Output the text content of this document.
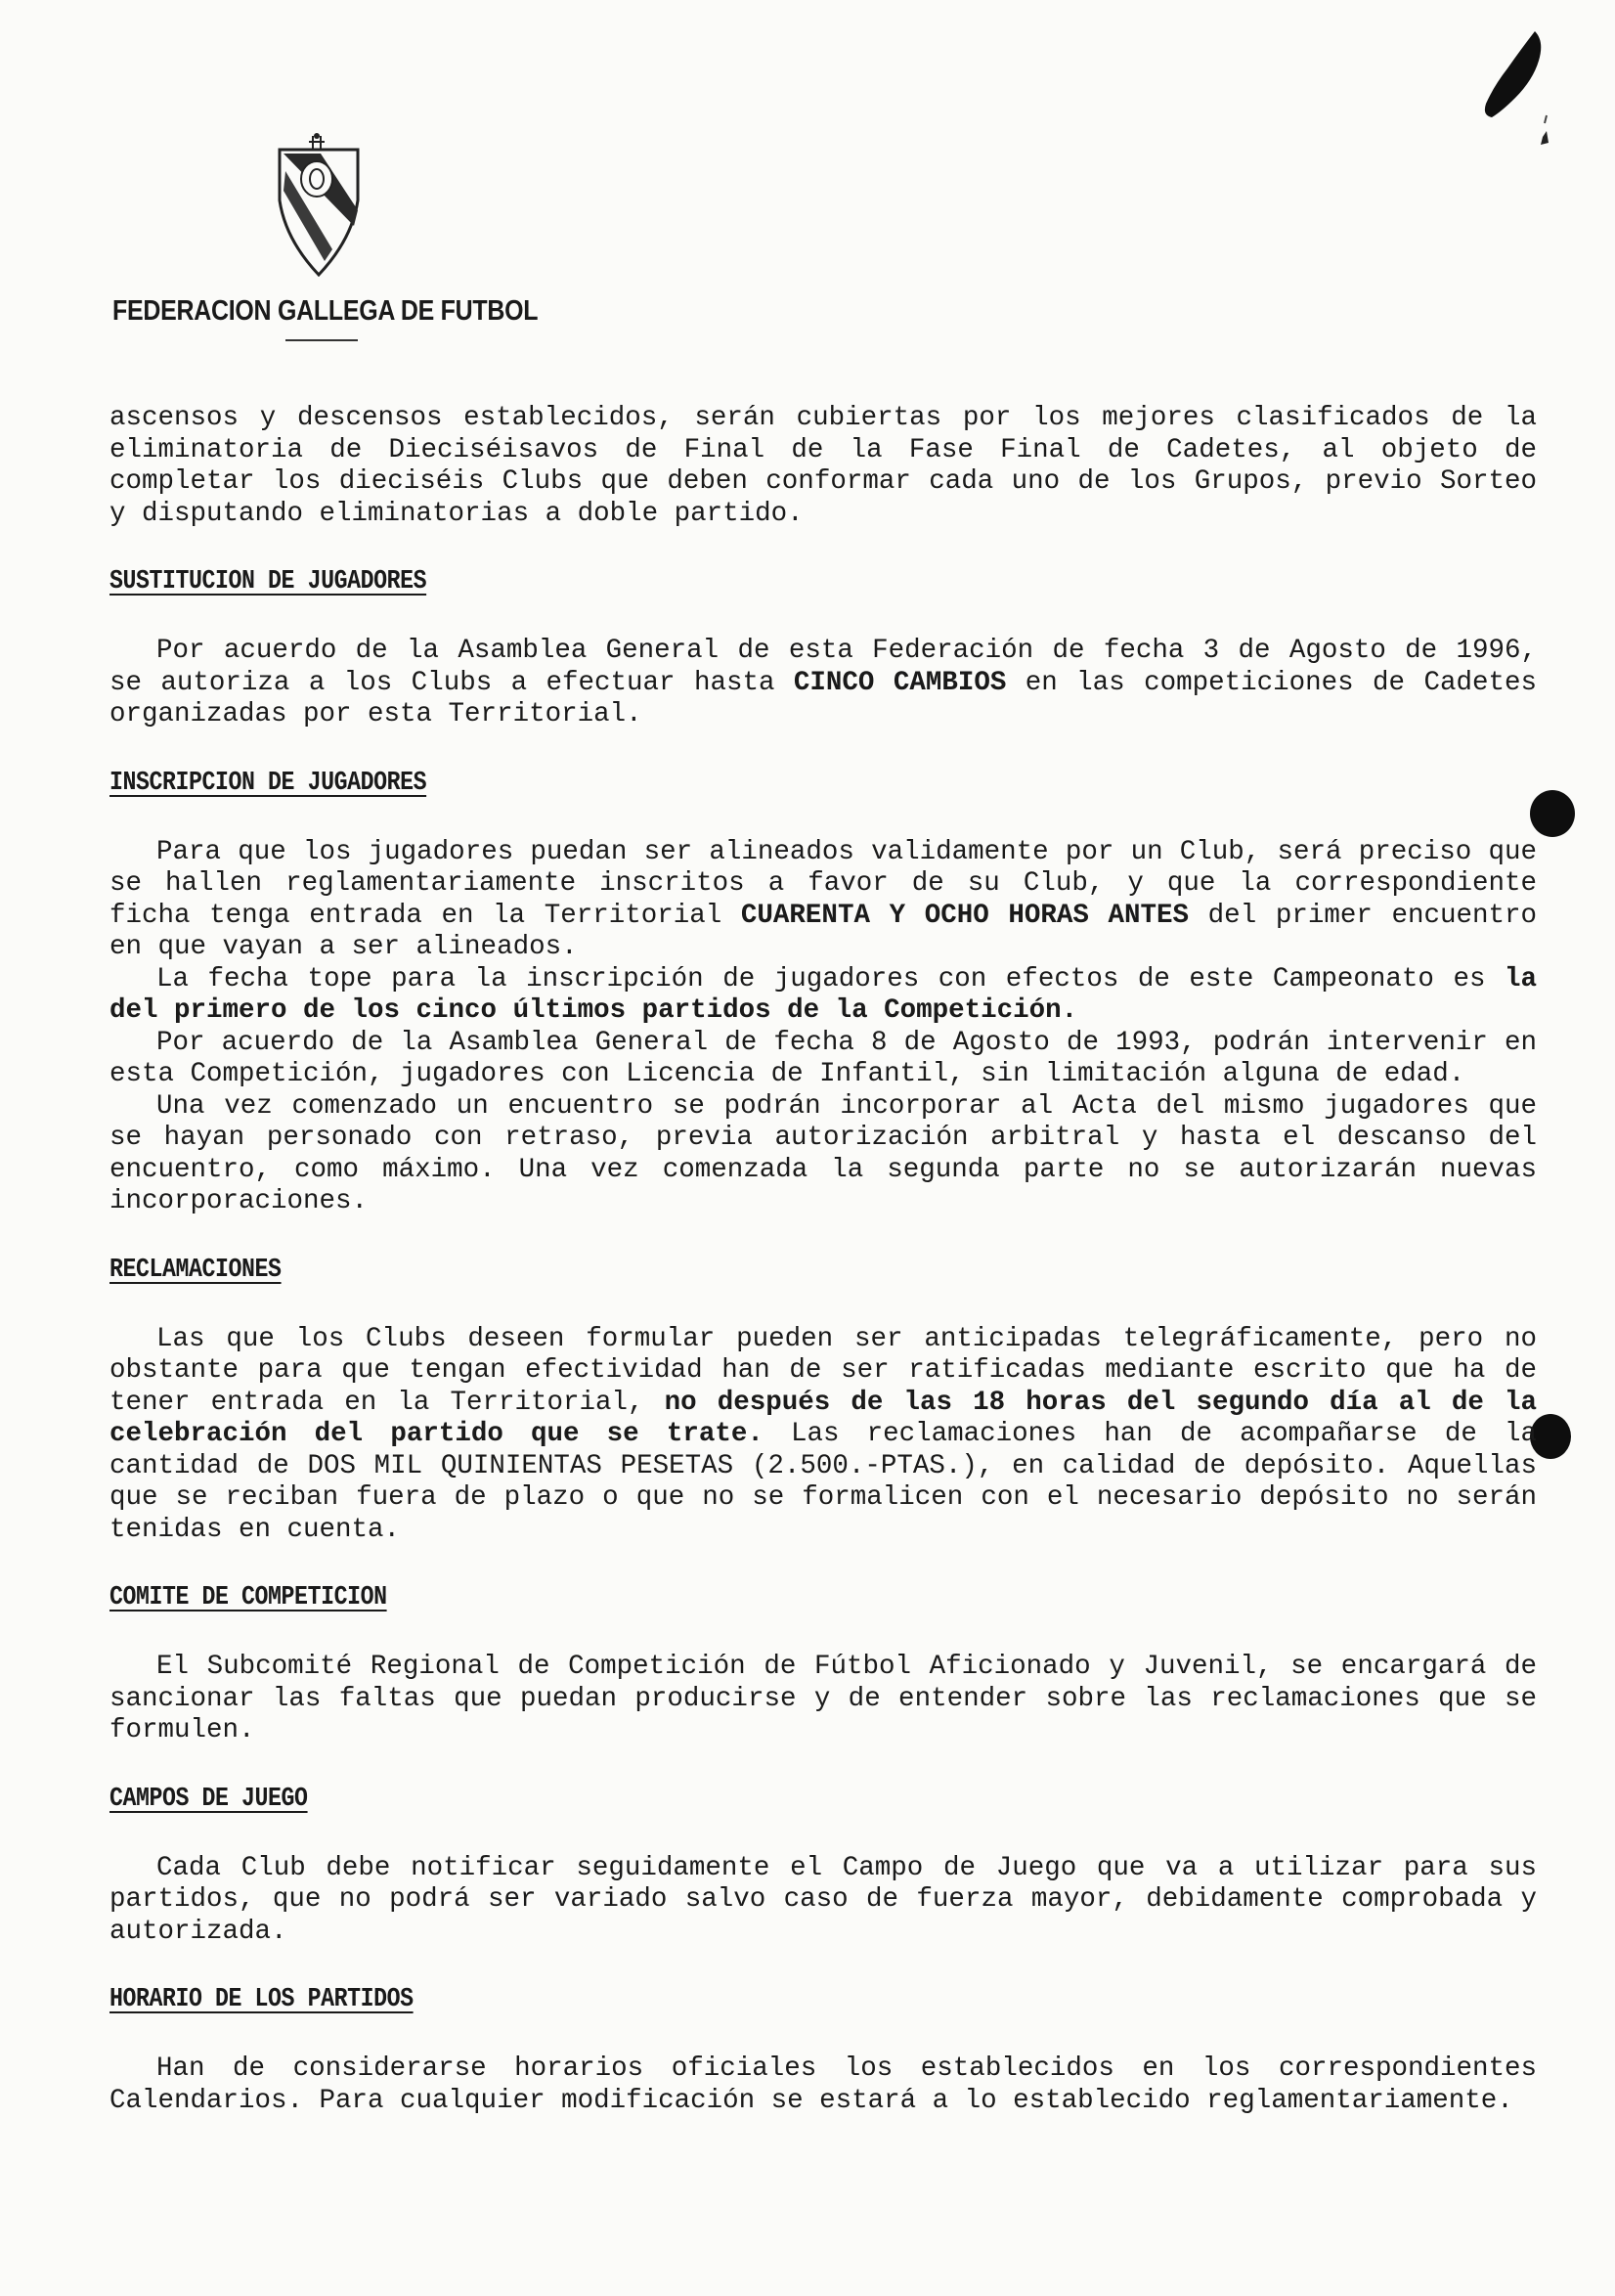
FEDERACION GALLEGA DE FUTBOL

ascensos y descensos establecidos, serán cubiertas por los mejores clasificados de la eliminatoria de Dieciséisavos de Final de la Fase Final de Cadetes, al objeto de completar los dieciséis Clubs que deben conformar cada uno de los Grupos, previo Sorteo y disputando eliminatorias a doble partido.

SUSTITUCION DE JUGADORES

Por acuerdo de la Asamblea General de esta Federación de fecha 3 de Agosto de 1996, se autoriza a los Clubs a efectuar hasta CINCO CAMBIOS en las competiciones de Cadetes organizadas por esta Territorial.

INSCRIPCION DE JUGADORES

Para que los jugadores puedan ser alineados validamente por un Club, será preciso que se hallen reglamentariamente inscritos a favor de su Club, y que la correspondiente ficha tenga entrada en la Territorial CUARENTA Y OCHO HORAS ANTES del primer encuentro en que vayan a ser alineados.

La fecha tope para la inscripción de jugadores con efectos de este Campeonato es la del primero de los cinco últimos partidos de la Competición.

Por acuerdo de la Asamblea General de fecha 8 de Agosto de 1993, podrán intervenir en esta Competición, jugadores con Licencia de Infantil, sin limitación alguna de edad.

Una vez comenzado un encuentro se podrán incorporar al Acta del mismo jugadores que se hayan personado con retraso, previa autorización arbitral y hasta el descanso del encuentro, como máximo. Una vez comenzada la segunda parte no se autorizarán nuevas incorporaciones.

RECLAMACIONES

Las que los Clubs deseen formular pueden ser anticipadas telegráficamente, pero no obstante para que tengan efectividad han de ser ratificadas mediante escrito que ha de tener entrada en la Territorial, no después de las 18 horas del segundo día al de la celebración del partido que se trate. Las reclamaciones han de acompañarse de la cantidad de DOS MIL QUINIENTAS PESETAS (2.500.-PTAS.), en calidad de depósito. Aquellas que se reciban fuera de plazo o que no se formalicen con el necesario depósito no serán tenidas en cuenta.

COMITE DE COMPETICION

El Subcomité Regional de Competición de Fútbol Aficionado y Juvenil, se encargará de sancionar las faltas que puedan producirse y de entender sobre las reclamaciones que se formulen.

CAMPOS DE JUEGO

Cada Club debe notificar seguidamente el Campo de Juego que va a utilizar para sus partidos, que no podrá ser variado salvo caso de fuerza mayor, debidamente comprobada y autorizada.

HORARIO DE LOS PARTIDOS

Han de considerarse horarios oficiales los establecidos en los correspondientes Calendarios. Para cualquier modificación se estará a lo establecido reglamentariamente.
